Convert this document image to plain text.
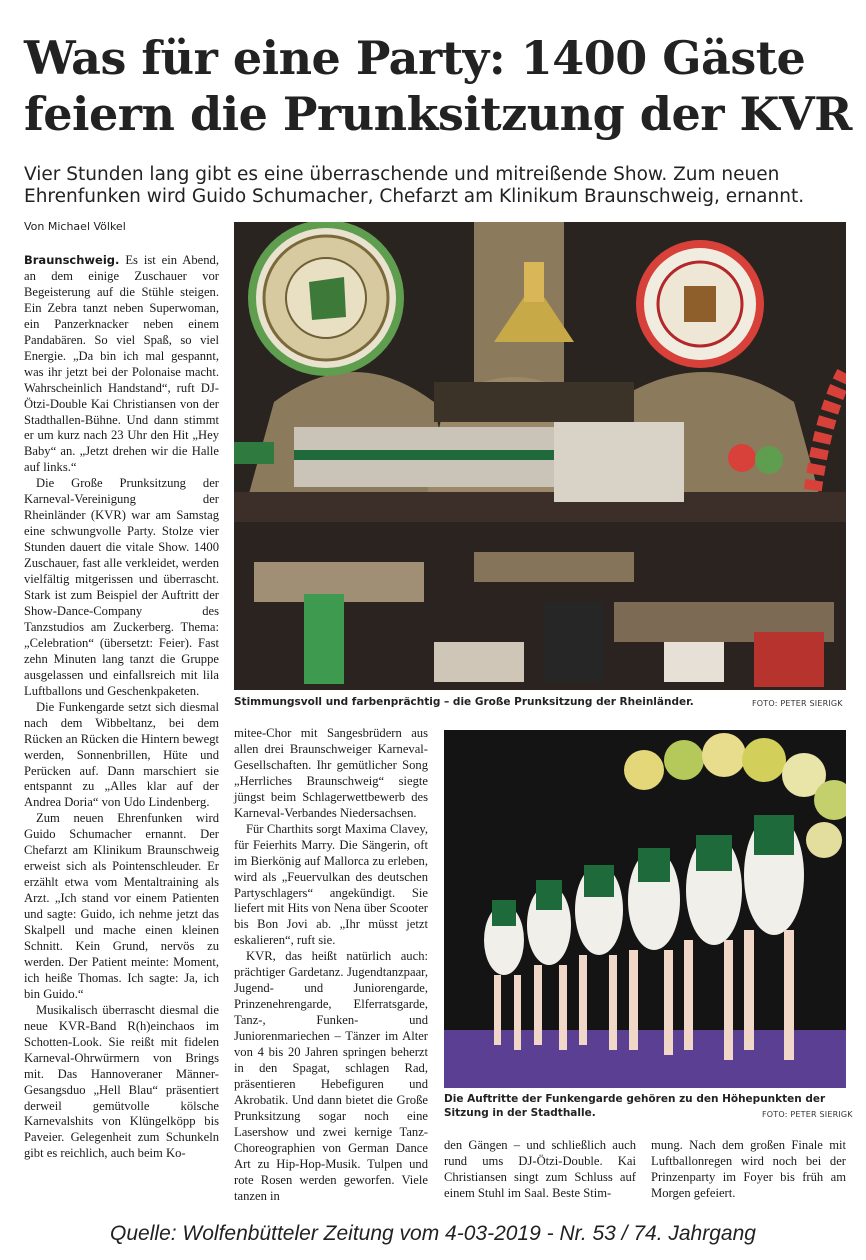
Was für eine Party: 1400 Gäste
feiern die Prunksitzung der KVR
Vier Stunden lang gibt es eine überraschende und mitreißende Show. Zum neuen
Ehrenfunken wird Guido Schumacher, Chefarzt am Klinikum Braunschweig, ernannt.
Von Michael Völkel

Braunschweig. Es ist ein Abend, an dem einige Zuschauer vor Begeisterung auf die Stühle steigen. Ein Zebra tanzt neben Superwoman, ein Panzerknacker neben einem Pandabären. So viel Spaß, so viel Energie. „Da bin ich mal gespannt, was ihr jetzt bei der Polonaise macht. Wahrscheinlich Handstand“, ruft DJ-Ötzi-Double Kai Christiansen von der Stadthallen-Bühne. Und dann stimmt er um kurz nach 23 Uhr den Hit „Hey Baby“ an. „Jetzt drehen wir die Halle auf links.“

Die Große Prunksitzung der Karneval-Vereinigung der Rheinländer (KVR) war am Samstag eine schwungvolle Party. Stolze vier Stunden dauert die vitale Show. 1400 Zuschauer, fast alle verkleidet, werden vielfältig mitgerissen und überrascht. Stark ist zum Beispiel der Auftritt der Show-Dance-Company des Tanzstudios am Zuckerberg. Thema: „Celebration“ (übersetzt: Feier). Fast zehn Minuten lang tanzt die Gruppe ausgelassen und einfallsreich mit lila Luftballons und Geschenkpaketen.

Die Funkengarde setzt sich diesmal nach dem Wibbeltanz, bei dem Rücken an Rücken die Hintern bewegt werden, Sonnenbrillen, Hüte und Perücken auf. Dann marschiert sie entspannt zu „Alles klar auf der Andrea Doria“ von Udo Lindenberg.

Zum neuen Ehrenfunken wird Guido Schumacher ernannt. Der Chefarzt am Klinikum Braunschweig erweist sich als Pointenschleuder. Er erzählt etwa vom Mentaltraining als Arzt. „Ich stand vor einem Patienten und sagte: Guido, ich nehme jetzt das Skalpell und mache einen kleinen Schnitt. Kein Grund, nervös zu werden. Der Patient meinte: Moment, ich heiße Thomas. Ich sagte: Ja, ich bin Guido.“

Musikalisch überrascht diesmal die neue KVR-Band R(h)einchaos im Schotten-Look. Sie reißt mit fidelen Karneval-Ohrwürmern von Brings mit. Das Hannoveraner Männer-Gesangsduo „Hell Blau“ präsentiert derweil gemütvolle kölsche Karnevalshits von Klüngelköpp bis Paveier. Gelegenheit zum Schunkeln gibt es reichlich, auch beim Ko-

Stimmungsvoll und farbenprächtig – die Große Prunksitzung der Rheinländer.	FOTO: PETER SIERIGK

mitee-Chor mit Sangesbrüdern aus allen drei Braunschweiger Karneval-Gesellschaften. Ihr gemütlicher Song „Herrliches Braunschweig“ siegte jüngst beim Schlagerwettbewerb des Karneval-Verbandes Niedersachsen.

Für Charthits sorgt Maxima Clavey, für Feierhits Marry. Die Sängerin, oft im Bierkönig auf Mallorca zu erleben, wird als „Feuervulkan des deutschen Partyschlagers“ angekündigt. Sie liefert mit Hits von Nena über Scooter bis Bon Jovi ab. „Ihr müsst jetzt eskalieren“, ruft sie.

KVR, das heißt natürlich auch: prächtiger Gardetanz. Jugendtanzpaar, Jugend- und Juniorengarde, Prinzenehrengarde, Elferratsgarde, Tanz-, Funken- und Juniorenmariechen – Tänzer im Alter von 4 bis 20 Jahren springen beherzt in den Spagat, schlagen Rad, präsentieren Hebefiguren und Akrobatik. Und dann bietet die Große Prunksitzung sogar noch eine Lasershow und zwei kernige Tanz-Choreographien von German Dance Art zu Hip-Hop-Musik. Tulpen und rote Rosen werden geworfen. Viele tanzen in

Die Auftritte der Funkengarde gehören zu den Höhepunkten der Sitzung in der Stadthalle.	FOTO: PETER SIERIGK

den Gängen – und schließlich auch rund ums DJ-Ötzi-Double. Kai Christiansen singt zum Schluss auf einem Stuhl im Saal. Beste Stim-

mung. Nach dem großen Finale mit Luftballonregen wird noch bei der Prinzenparty im Foyer bis früh am Morgen gefeiert.

Quelle: Wolfenbütteler Zeitung vom 4-03-2019 - Nr. 53 / 74. Jahrgang
